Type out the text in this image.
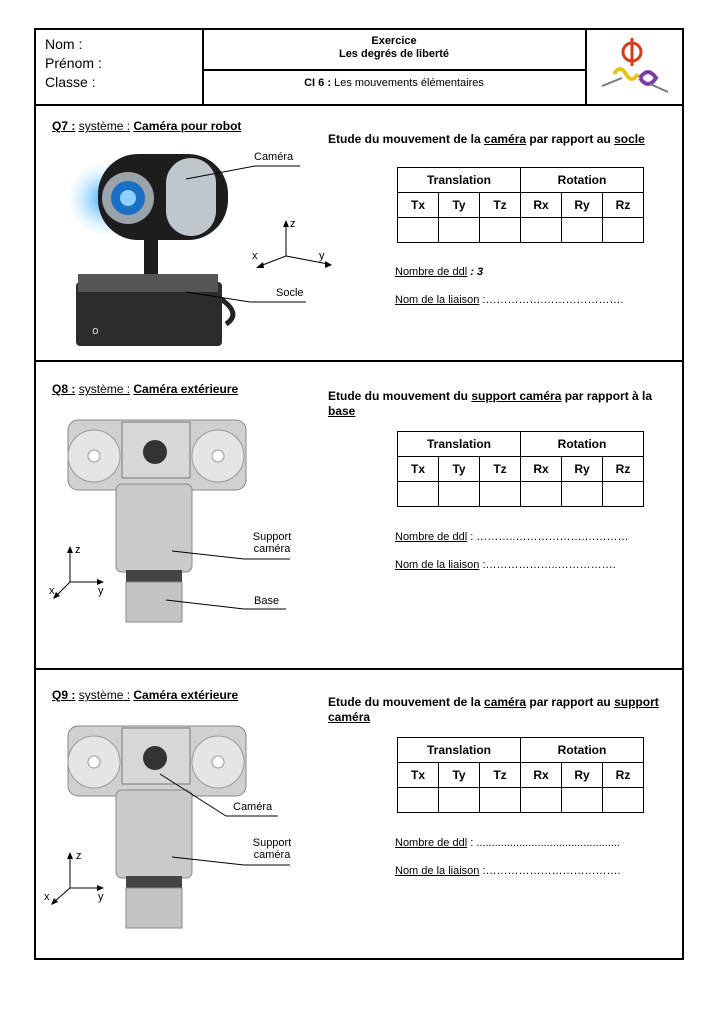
Nom :
Prénom :
Classe :
Exercice
Les degrés de liberté
CI 6 : Les mouvements élémentaires
Q7 : système : Caméra pour robot
o
Caméra
Socle
z
x	y
Etude du mouvement de la caméra par rapport au socle
Translation			Rotation		
Tx	Ty	Tz	Rx	Ry	Rz

Nombre de ddl : 3
Nom de la liaison :…………….………………….
Q8 : système : Caméra extérieure
Support caméra
Base
z
x	y
Etude du mouvement du support caméra par rapport à la base
Translation			Rotation		
Tx	Ty	Tz	Rx	Ry	Rz

Nombre de ddl : ………..……………….…………
Nom de la liaison :………………..…………….
Q9 : système : Caméra extérieure
Caméra
Support caméra
z
x	y
Etude du mouvement de la caméra par rapport au support caméra
Translation			Rotation		
Tx	Ty	Tz	Rx	Ry	Rz

Nombre de ddl : ...............................................
Nom de la liaison :……………………………….
